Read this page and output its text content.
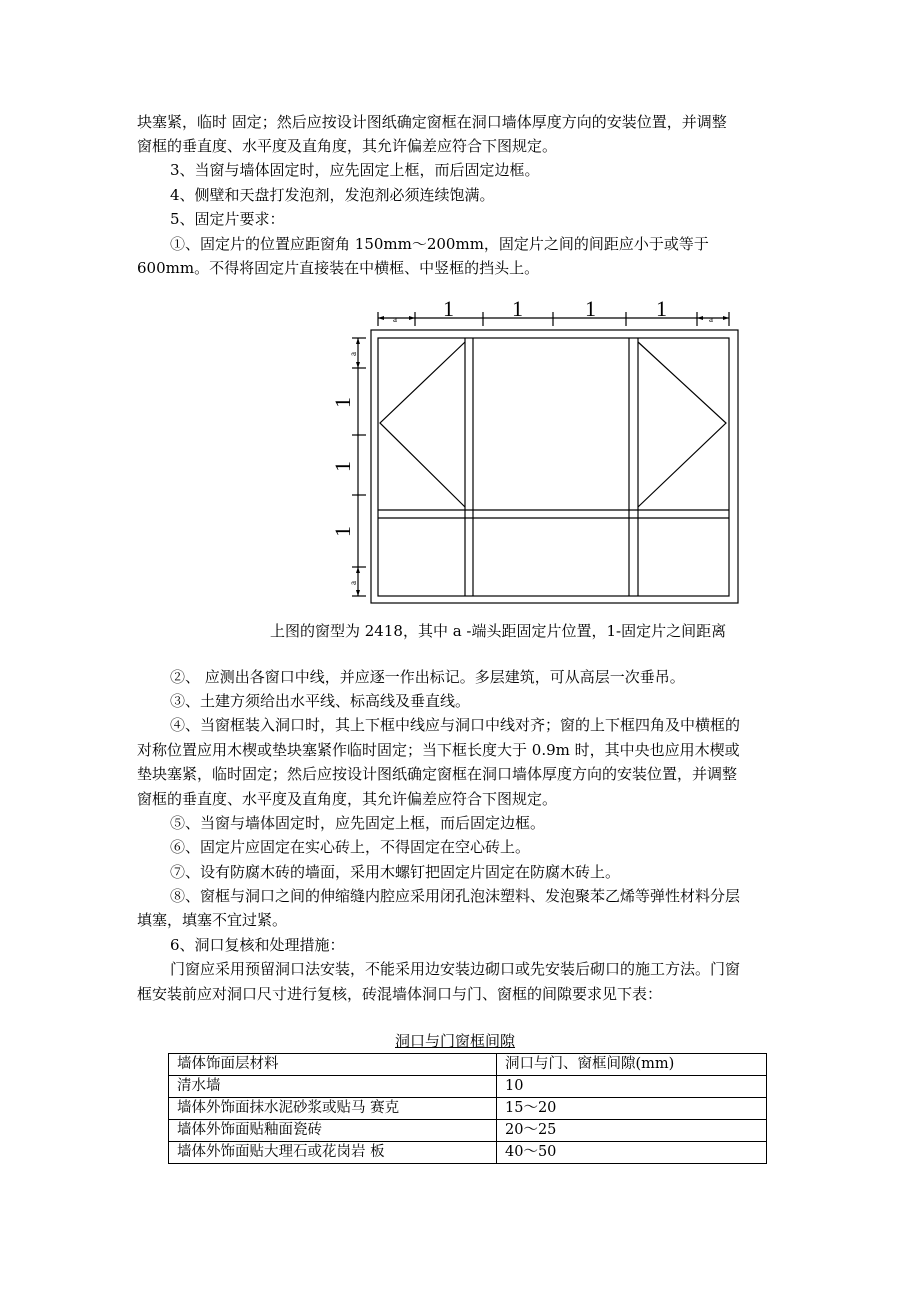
块塞紧，临时 固定；然后应按设计图纸确定窗框在洞口墙体厚度方向的安装位置，并调整
窗框的垂直度、水平度及直角度，其允许偏差应符合下图规定。
3、当窗与墙体固定时，应先固定上框，而后固定边框。
4、侧壁和天盘打发泡剂，发泡剂必须连续饱满。
5、固定片要求：
①、固定片的位置应距窗角 150mm～200mm，固定片之间的间距应小于或等于
600mm。不得将固定片直接装在中横框、中竖框的挡头上。
a 1	1	1	1	a
a
1
1
1
a
上图的窗型为 2418，其中 a -端头距固定片位置，1-固定片之间距离
②、 应测出各窗口中线，并应逐一作出标记。多层建筑，可从高层一次垂吊。
③、土建方须给出水平线、标高线及垂直线。
④、当窗框装入洞口时，其上下框中线应与洞口中线对齐；窗的上下框四角及中横框的
对称位置应用木楔或垫块塞紧作临时固定；当下框长度大于 0.9m 时，其中央也应用木楔或
垫块塞紧，临时固定；然后应按设计图纸确定窗框在洞口墙体厚度方向的安装位置，并调整
窗框的垂直度、水平度及直角度，其允许偏差应符合下图规定。
⑤、当窗与墙体固定时，应先固定上框，而后固定边框。
⑥、固定片应固定在实心砖上，不得固定在空心砖上。
⑦、设有防腐木砖的墙面，采用木螺钉把固定片固定在防腐木砖上。
⑧、窗框与洞口之间的伸缩缝内腔应采用闭孔泡沫塑料、发泡聚苯乙烯等弹性材料分层
填塞，填塞不宜过紧。
6、洞口复核和处理措施：
门窗应采用预留洞口法安装，不能采用边安装边砌口或先安装后砌口的施工方法。门窗
框安装前应对洞口尺寸进行复核，砖混墙体洞口与门、窗框的间隙要求见下表：
洞口与门窗框间隙
墙体饰面层材料	洞口与门、窗框间隙(mm)
清水墙	10
墙体外饰面抹水泥砂浆或贴马 赛克	15～20
墙体外饰面贴釉面瓷砖	20～25
墙体外饰面贴大理石或花岗岩 板	40～50
